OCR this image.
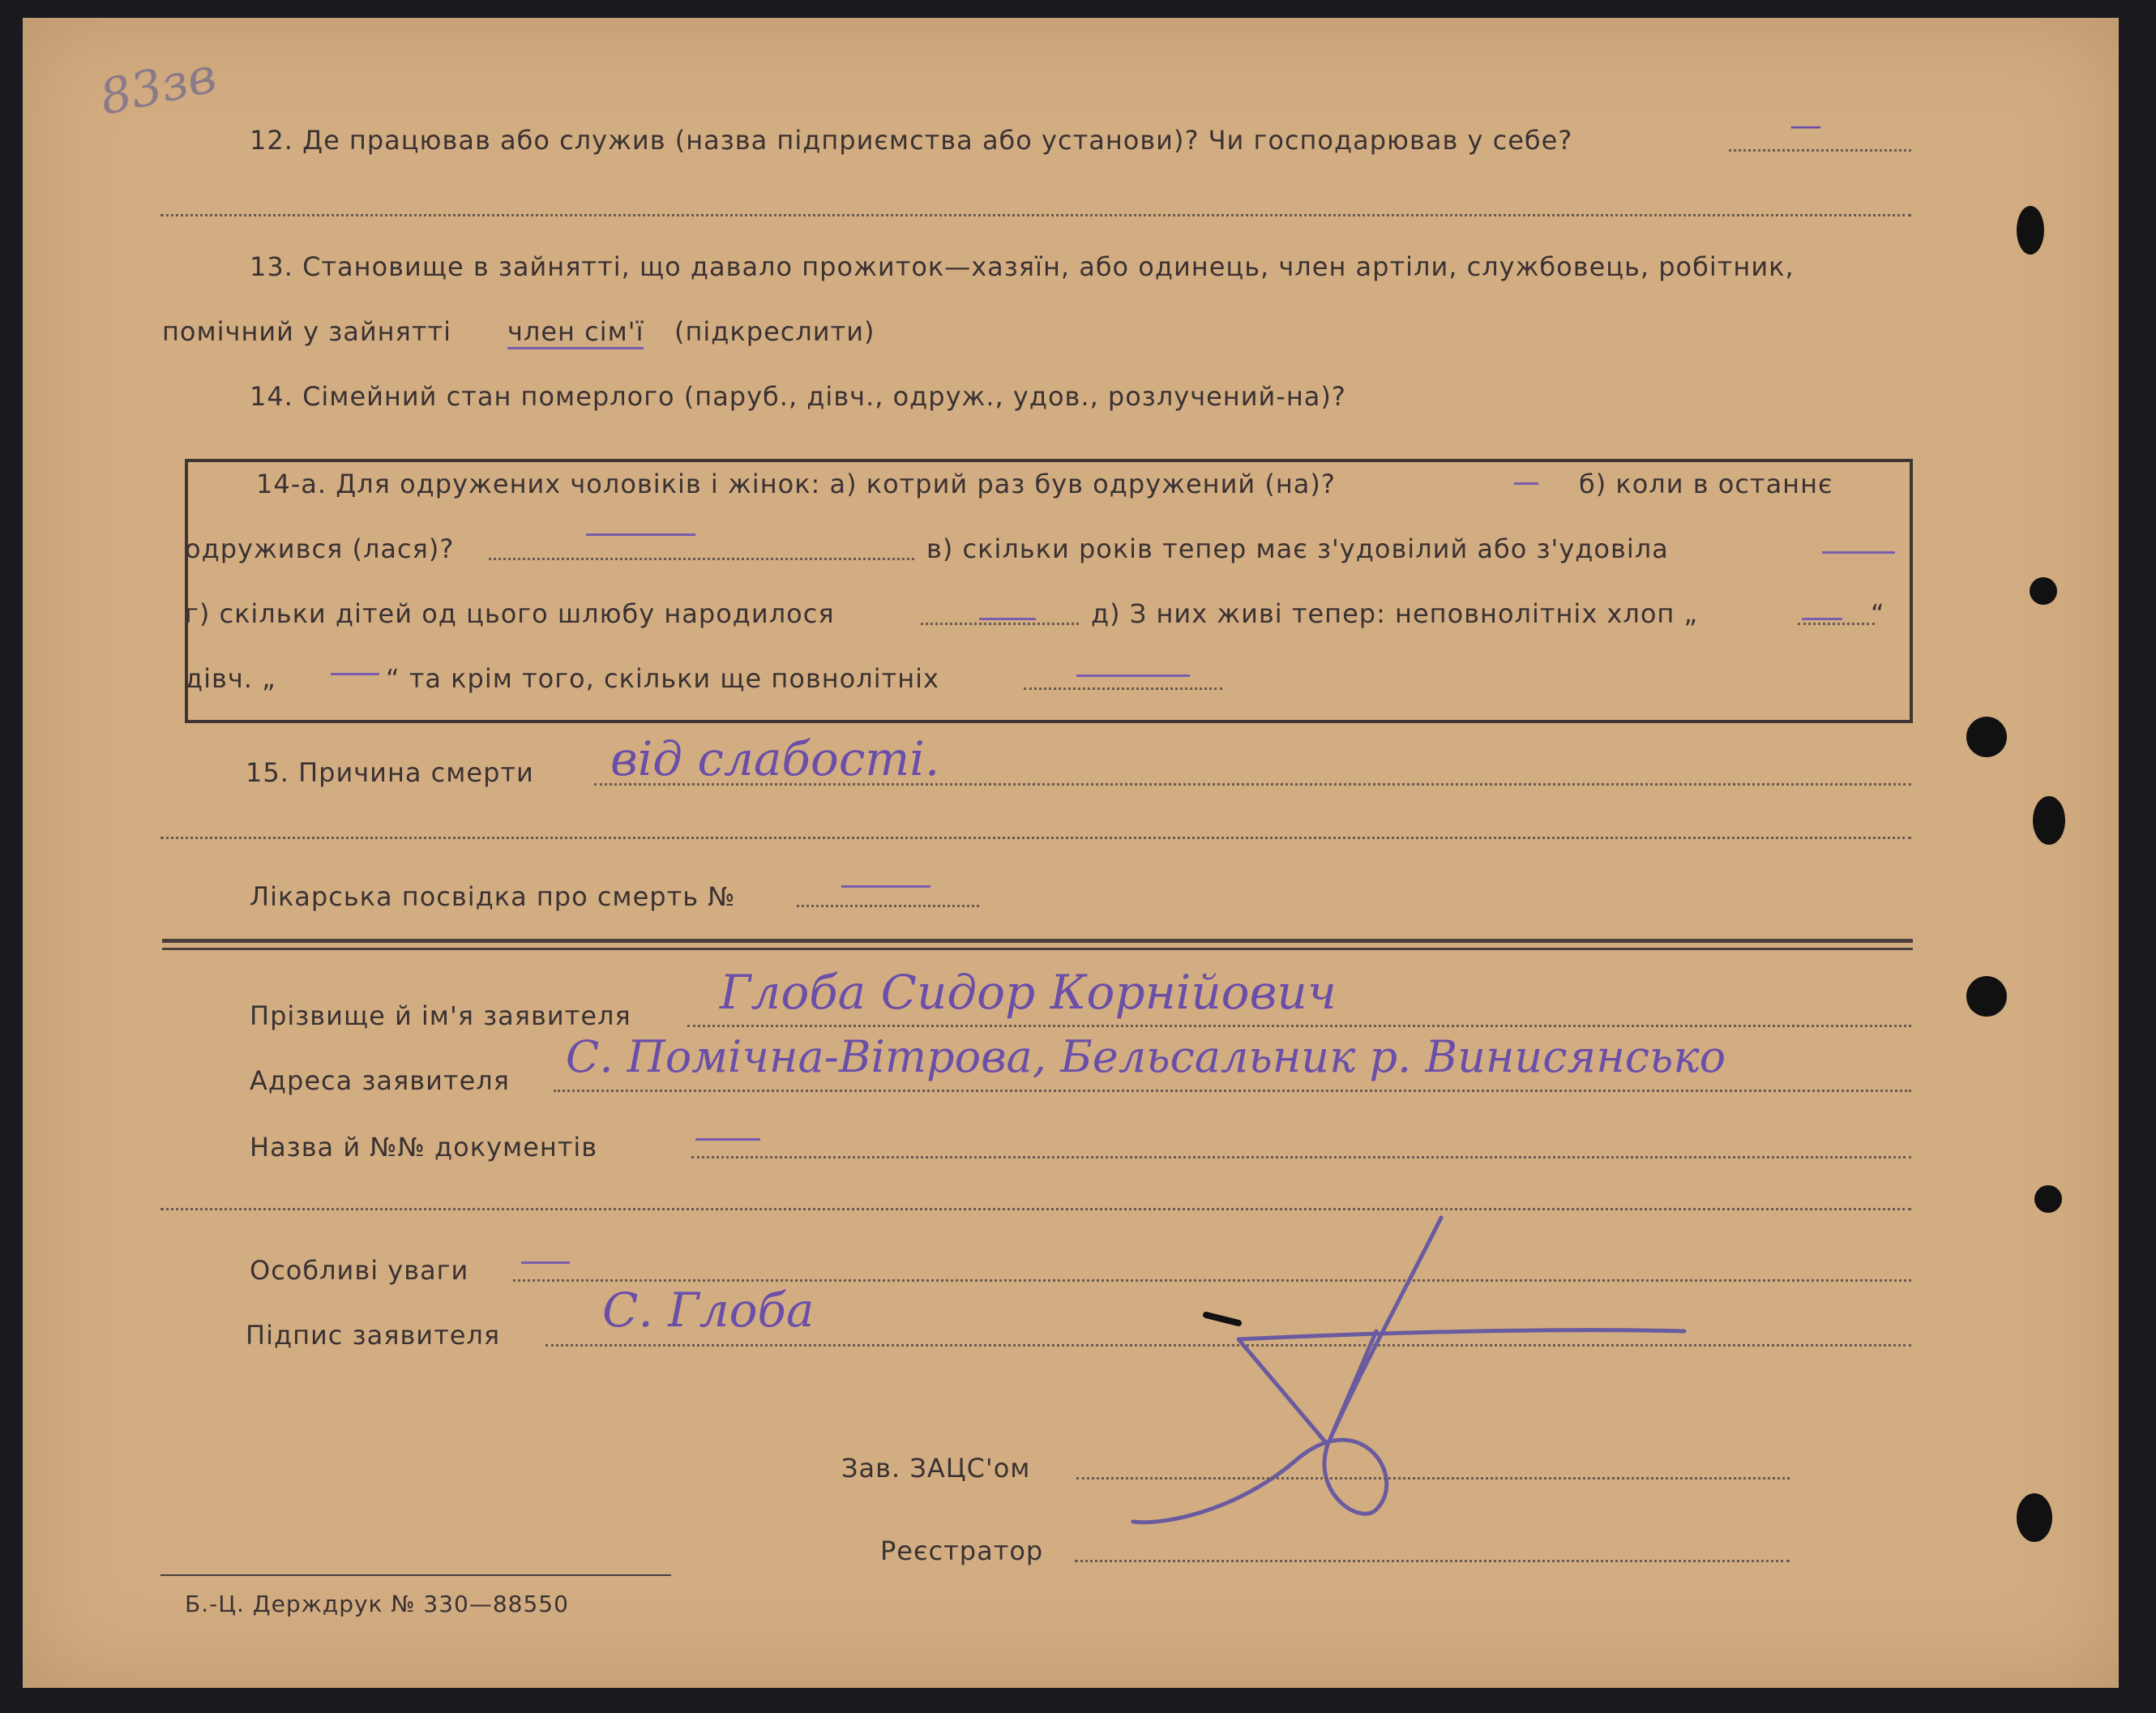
83зв
12. Де працював або служив (назва підприємства або установи)? Чи господарював у себе?	—
13. Становище в зайнятті, що давало прожиток—хазяїн, або одинець, член артіли, службовець, робітник,
помічний у зайнятті член сім'ї (підкреслити)
14. Сімейний стан померлого (паруб., дівч., одруж., удов., розлучений-на)?
14-а. Для одружених чоловіків і жінок: а) котрий раз був одружений (на)?	б) коли в останнє
одружився (лася)?	в) скільки років тепер має з'удовілий або з'удовіла
г) скільки дітей од цього шлюбу народилося	д) З них живі тепер: неповнолітніх хлоп „	“
дівч. „	“ та крім того, скільки ще повнолітніх
15. Причина смерти від слабості.
Лікарська посвідка про смерть №
Прізвище й ім'я заявителя Глоба Сидор Корнійович
Адреса заявителя С. Помічна-Вітрова, Бельсальник р. Винисянсько
Назва й №№ документів
Особливі уваги
Підпис заявителя С. Глоба
Зав. ЗАЦС'ом
Реєстратор
Б.-Ц. Держдрук № 330—88550
